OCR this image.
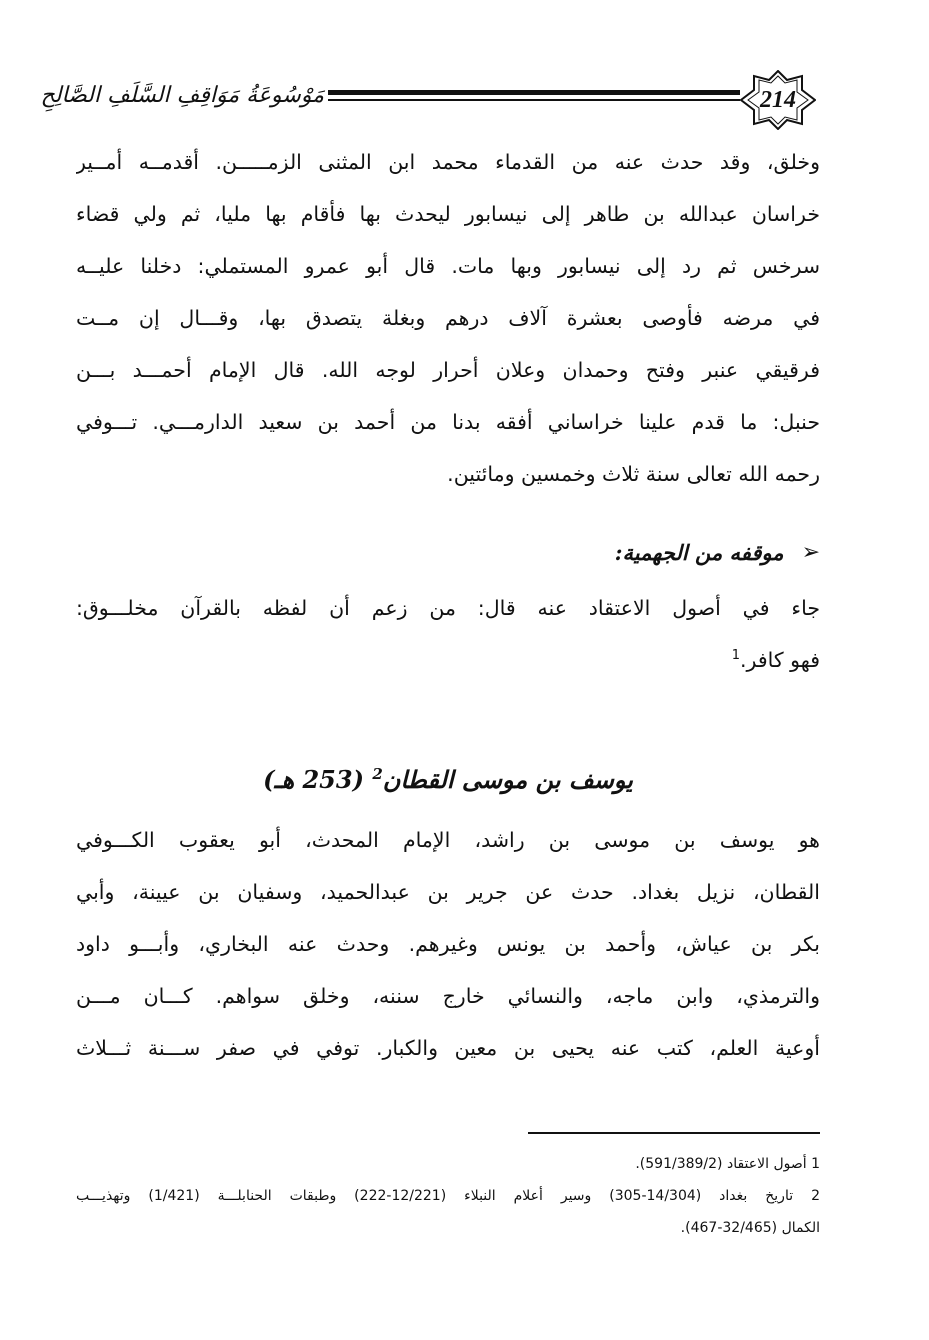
مَوْسُوعَةُ مَوَاقِفِ السَّلَفِ الصَّالِحِ	214
وخلق، وقد حدث عنه من القدماء محمد ابن المثنى الزمـــــن. أقدمــه أمــير
خراسان عبدالله بن طاهر إلى نيسابور ليحدث بها فأقام بها مليا، ثم ولي قضاء
سرخس ثم رد إلى نيسابور وبها مات. قال أبو عمرو المستملي: دخلنا عليــه
في مرضه فأوصى بعشرة آلاف درهم وبغلة يتصدق بها، وقـــال إن مــت
فرقيقي عنبر وفتح وحمدان وعلان أحرار لوجه الله. قال الإمام أحمـــد بـــن
حنبل: ما قدم علينا خراساني أفقه بدنا من أحمد بن سعيد الدارمـــي. تـــوفي
رحمه الله تعالى سنة ثلاث وخمسين ومائتين.
➢
موقفه من الجهمية:
جاء في أصول الاعتقاد عنه قال: من زعم أن لفظه بالقرآن مخلـــوق:
فهو كافر.$^1$
يوسف بن موسى القطان$^2$ (253 هـ)
هو يوسف بن موسى بن راشد، الإمام المحدث، أبو يعقوب الكـــوفي
القطان، نزيل بغداد. حدث عن جرير بن عبدالحميد، وسفيان بن عيينة، وأبي
بكر بن عياش، وأحمد بن يونس وغيرهم. وحدث عنه البخاري، وأبـــو داود
والترمذي، وابن ماجه، والنسائي خارج سننه، وخلق سواهم. كـــان مـــن
أوعية العلم، كتب عنه يحيى بن معين والكبار. توفي في صفر ســـنة ثـــلاث
1 أصول الاعتقاد (591/389/2).
2 تاريخ بغداد (14/304-305) وسير أعلام النبلاء (12/221-222) وطبقات الحنابلـــة (1/421) وتهذيـــب
الكمال (32/465-467).
